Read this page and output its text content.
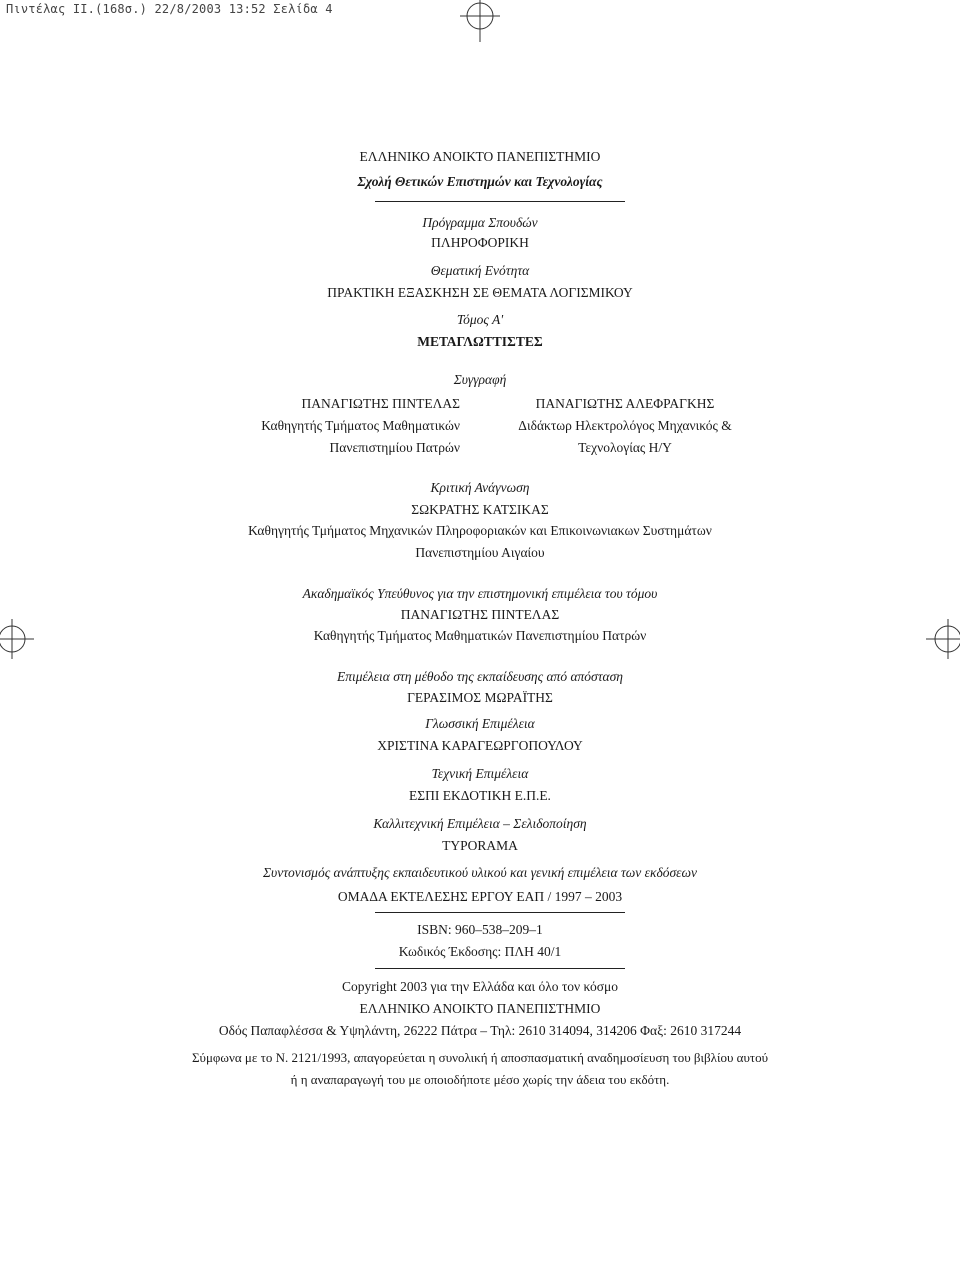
Πιντέλας ΙΙ.(168σ.) 22/8/2003 13:52 Σελίδα 4
ΕΛΛΗΝΙΚΟ ΑΝΟΙΚΤΟ ΠΑΝΕΠΙΣΤΗΜΙΟ
Σχολή Θετικών Επιστημών και Τεχνολογίας
Πρόγραμμα Σπουδών
ΠΛΗΡΟΦΟΡΙΚΗ
Θεματική Ενότητα
ΠΡΑΚΤΙΚΗ ΕΞΑΣΚΗΣΗ ΣΕ ΘΕΜΑΤΑ ΛΟΓΙΣΜΙΚΟΥ
Τόμος Α'
ΜΕΤΑΓΛΩΤΤΙΣΤΕΣ
Συγγραφή
ΠΑΝΑΓΙΩΤΗΣ ΠΙΝΤΕΛΑΣ
Καθηγητής Τμήματος Μαθηματικών
Πανεπιστημίου Πατρών
ΠΑΝΑΓΙΩΤΗΣ ΑΛΕΦΡΑΓΚΗΣ
Διδάκτωρ Ηλεκτρολόγος Μηχανικός &
Τεχνολογίας Η/Υ
Κριτική Ανάγνωση
ΣΩΚΡΑΤΗΣ ΚΑΤΣΙΚΑΣ
Καθηγητής Τμήματος Μηχανικών Πληροφοριακών και Επικοινωνιακων Συστημάτων
Πανεπιστημίου Αιγαίου
Ακαδημαϊκός Υπεύθυνος για την επιστημονική επιμέλεια του τόμου
ΠΑΝΑΓΙΩΤΗΣ ΠΙΝΤΕΛΑΣ
Καθηγητής Τμήματος Μαθηματικών Πανεπιστημίου Πατρών
Επιμέλεια στη μέθοδο της εκπαίδευσης από απόσταση
ΓΕΡΑΣΙΜΟΣ ΜΩΡΑΪΤΗΣ
Γλωσσική Επιμέλεια
ΧΡΙΣΤΙΝΑ ΚΑΡΑΓΕΩΡΓΟΠΟΥΛΟΥ
Τεχνική Επιμέλεια
ΕΣΠΙ ΕΚΔΟΤΙΚΗ Ε.Π.Ε.
Καλλιτεχνική Επιμέλεια – Σελιδοποίηση
TYPORAMA
Συντονισμός ανάπτυξης εκπαιδευτικού υλικού και γενική επιμέλεια των εκδόσεων
ΟΜΑΔΑ ΕΚΤΕΛΕΣΗΣ ΕΡΓΟΥ ΕΑΠ / 1997 – 2003
ISBN: 960–538–209–1
Κωδικός Έκδοσης: ΠΛΗ 40/1
Copyright 2003 για την Ελλάδα και όλο τον κόσμο
ΕΛΛΗΝΙΚΟ ΑΝΟΙΚΤΟ ΠΑΝΕΠΙΣΤΗΜΙΟ
Οδός Παπαφλέσσα & Υψηλάντη, 26222 Πάτρα – Τηλ: 2610 314094, 314206 Φαξ: 2610 317244
Σύμφωνα με το Ν. 2121/1993, απαγορεύεται η συνολική ή αποσπασματική αναδημοσίευση του βιβλίου αυτού
ή η αναπαραγωγή του με οποιοδήποτε μέσο χωρίς την άδεια του εκδότη.
